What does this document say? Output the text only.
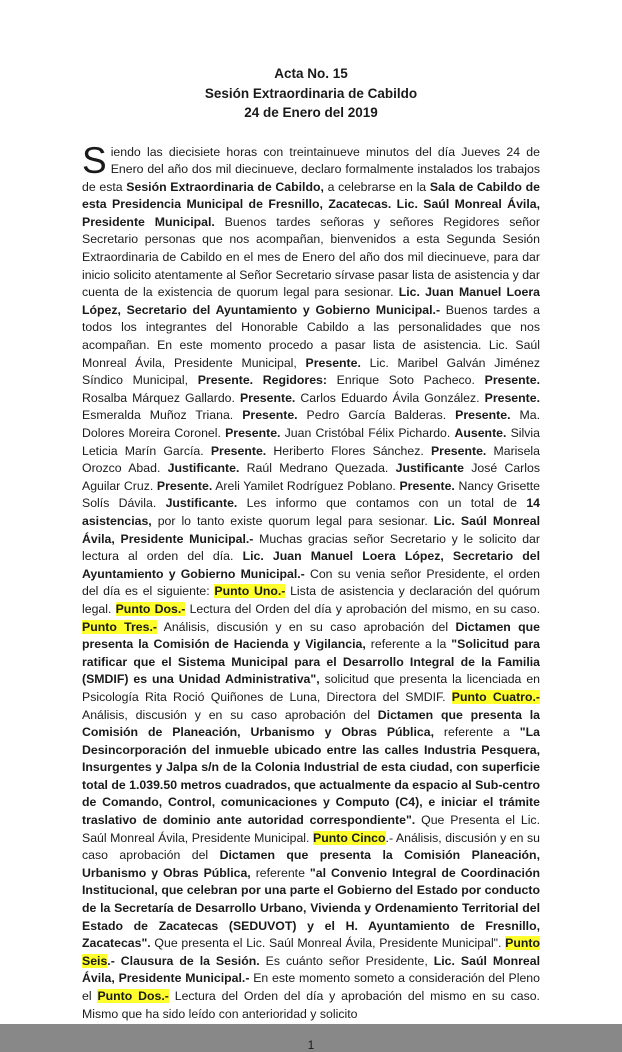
Acta No. 15
Sesión Extraordinaria de Cabildo
24 de Enero del 2019

Siendo las diecisiete horas con treintainueve minutos del día Jueves 24 de Enero del año dos mil diecinueve, declaro formalmente instalados los trabajos de esta Sesión Extraordinaria de Cabildo, a celebrarse en la Sala de Cabildo de esta Presidencia Municipal de Fresnillo, Zacatecas. Lic. Saúl Monreal Ávila, Presidente Municipal. Buenos tardes señoras y señores Regidores señor Secretario personas que nos acompañan, bienvenidos a esta Segunda Sesión Extraordinaria de Cabildo en el mes de Enero del año dos mil diecinueve, para dar inicio solicito atentamente al Señor Secretario sírvase pasar lista de asistencia y dar cuenta de la existencia de quorum legal para sesionar. Lic. Juan Manuel Loera López, Secretario del Ayuntamiento y Gobierno Municipal.- Buenos tardes a todos los integrantes del Honorable Cabildo a las personalidades que nos acompañan. En este momento procedo a pasar lista de asistencia. Lic. Saúl Monreal Ávila, Presidente Municipal, Presente. Lic. Maribel Galván Jiménez Síndico Municipal, Presente. Regidores: Enrique Soto Pacheco. Presente. Rosalba Márquez Gallardo. Presente. Carlos Eduardo Ávila González. Presente. Esmeralda Muñoz Triana. Presente. Pedro García Balderas. Presente. Ma. Dolores Moreira Coronel. Presente. Juan Cristóbal Félix Pichardo. Ausente. Silvia Leticia Marín García. Presente. Heriberto Flores Sánchez. Presente. Marisela Orozco Abad. Justificante. Raúl Medrano Quezada. Justificante José Carlos Aguilar Cruz. Presente. Areli Yamilet Rodríguez Poblano. Presente. Nancy Grisette Solís Dávila. Justificante. Les informo que contamos con un total de 14 asistencias, por lo tanto existe quorum legal para sesionar. Lic. Saúl Monreal Ávila, Presidente Municipal.- Muchas gracias señor Secretario y le solicito dar lectura al orden del día. Lic. Juan Manuel Loera López, Secretario del Ayuntamiento y Gobierno Municipal.- Con su venia señor Presidente, el orden del día es el siguiente: Punto Uno.- Lista de asistencia y declaración del quórum legal. Punto Dos.- Lectura del Orden del día y aprobación del mismo, en su caso. Punto Tres.- Análisis, discusión y en su caso aprobación del Dictamen que presenta la Comisión de Hacienda y Vigilancia, referente a la "Solicitud para ratificar que el Sistema Municipal para el Desarrollo Integral de la Familia (SMDIF) es una Unidad Administrativa", solicitud que presenta la licenciada en Psicología Rita Roció Quiñones de Luna, Directora del SMDIF. Punto Cuatro.- Análisis, discusión y en su caso aprobación del Dictamen que presenta la Comisión de Planeación, Urbanismo y Obras Pública, referente a "La Desincorporación del inmueble ubicado entre las calles Industria Pesquera, Insurgentes y Jalpa s/n de la Colonia Industrial de esta ciudad, con superficie total de 1.039.50 metros cuadrados, que actualmente da espacio al Sub-centro de Comando, Control, comunicaciones y Computo (C4), e iniciar el trámite traslativo de dominio ante autoridad correspondiente". Que Presenta el Lic. Saúl Monreal Ávila, Presidente Municipal. Punto Cinco.- Análisis, discusión y en su caso aprobación del Dictamen que presenta la Comisión Planeación, Urbanismo y Obras Pública, referente "al Convenio Integral de Coordinación Institucional, que celebran por una parte el Gobierno del Estado por conducto de la Secretaría de Desarrollo Urbano, Vivienda y Ordenamiento Territorial del Estado de Zacatecas (SEDUVOT) y el H. Ayuntamiento de Fresnillo, Zacatecas". Que presenta el Lic. Saúl Monreal Ávila, Presidente Municipal". Punto Seis.- Clausura de la Sesión. Es cuánto señor Presidente, Lic. Saúl Monreal Ávila, Presidente Municipal.- En este momento someto a consideración del Pleno el Punto Dos.- Lectura del Orden del día y aprobación del mismo en su caso. Mismo que ha sido leído con anterioridad y solicito

1
